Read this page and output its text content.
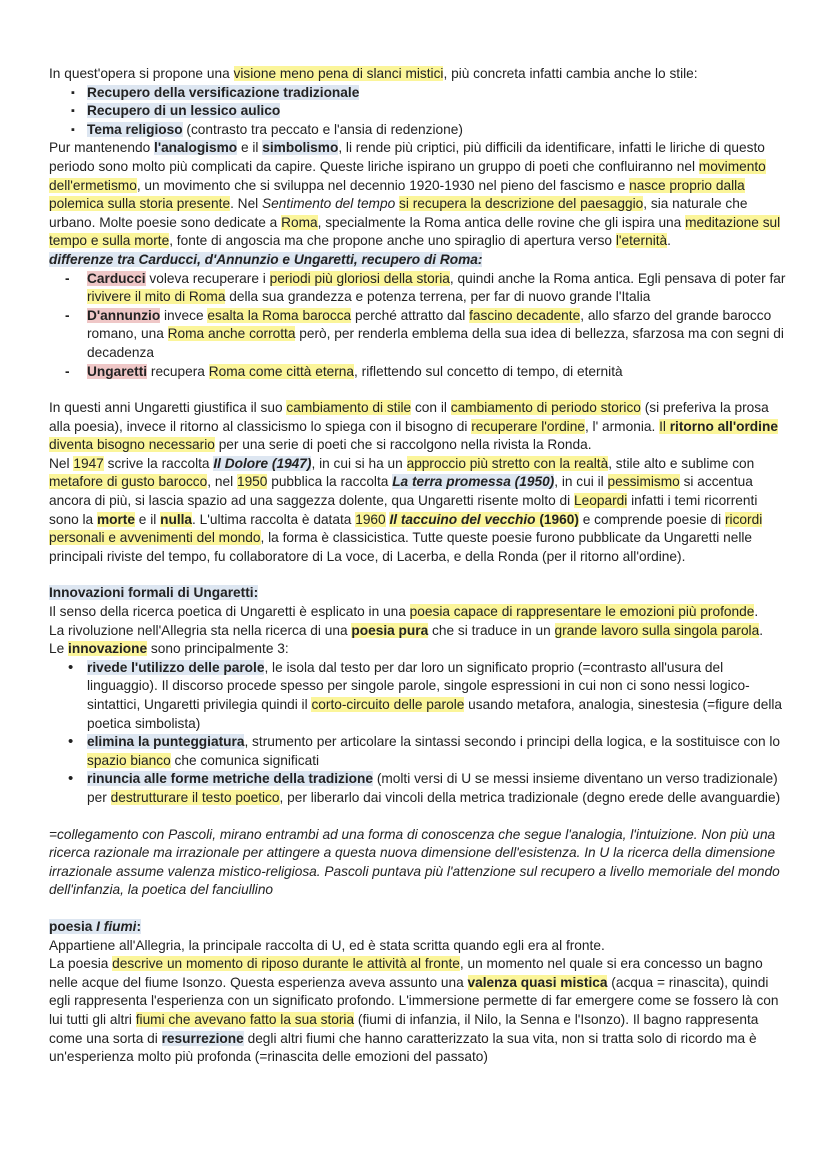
In quest'opera si propone una visione meno pena di slanci mistici, più concreta infatti cambia anche lo stile:

▪ Recupero della versificazione tradizionale
▪ Recupero di un lessico aulico
▪ Tema religioso (contrasto tra peccato e l'ansia di redenzione)

Pur mantenendo l'analogismo e il simbolismo, li rende più criptici, più difficili da identificare, infatti le liriche di questo periodo sono molto più complicati da capire. Queste liriche ispirano un gruppo di poeti che confluiranno nel movimento dell'ermetismo, un movimento che si sviluppa nel decennio 1920-1930 nel pieno del fascismo e nasce proprio dalla polemica sulla storia presente. Nel Sentimento del tempo si recupera la descrizione del paesaggio, sia naturale che urbano. Molte poesie sono dedicate a Roma, specialmente la Roma antica delle rovine che gli ispira una meditazione sul tempo e sulla morte, fonte di angoscia ma che propone anche uno spiraglio di apertura verso l'eternità.

differenze tra Carducci, d'Annunzio e Ungaretti, recupero di Roma:

- Carducci voleva recuperare i periodi più gloriosi della storia, quindi anche la Roma antica. Egli pensava di poter far rivivere il mito di Roma della sua grandezza e potenza terrena, per far di nuovo grande l'Italia
- D'annunzio invece esalta la Roma barocca perché attratto dal fascino decadente, allo sfarzo del grande barocco romano, una Roma anche corrotta però, per renderla emblema della sua idea di bellezza, sfarzosa ma con segni di decadenza
- Ungaretti recupera Roma come città eterna, riflettendo sul concetto di tempo, di eternità

In questi anni Ungaretti giustifica il suo cambiamento di stile con il cambiamento di periodo storico (si preferiva la prosa alla poesia), invece il ritorno al classicismo lo spiega con il bisogno di recuperare l'ordine, l' armonia. Il ritorno all'ordine diventa bisogno necessario per una serie di poeti che si raccolgono nella rivista la Ronda.

Nel 1947 scrive la raccolta Il Dolore (1947), in cui si ha un approccio più stretto con la realtà, stile alto e sublime con metafore di gusto barocco, nel 1950 pubblica la raccolta La terra promessa (1950), in cui il pessimismo si accentua ancora di più, si lascia spazio ad una saggezza dolente, qua Ungaretti risente molto di Leopardi infatti i temi ricorrenti sono la morte e il nulla. L'ultima raccolta è datata 1960 Il taccuino del vecchio (1960) e comprende poesie di ricordi personali e avvenimenti del mondo, la forma è classicistica. Tutte queste poesie furono pubblicate da Ungaretti nelle principali riviste del tempo, fu collaboratore di La voce, di Lacerba, e della Ronda (per il ritorno all'ordine).

Innovazioni formali di Ungaretti:

Il senso della ricerca poetica di Ungaretti è esplicato in una poesia capace di rappresentare le emozioni più profonde.

La rivoluzione nell'Allegria sta nella ricerca di una poesia pura che si traduce in un grande lavoro sulla singola parola.

Le innovazione sono principalmente 3:

• rivede l'utilizzo delle parole, le isola dal testo per dar loro un significato proprio (=contrasto all'usura del linguaggio). Il discorso procede spesso per singole parole, singole espressioni in cui non ci sono nessi logico-sintattici, Ungaretti privilegia quindi il corto-circuito delle parole usando metafora, analogia, sinestesia (=figure della poetica simbolista)
• elimina la punteggiatura, strumento per articolare la sintassi secondo i principi della logica, e la sostituisce con lo spazio bianco che comunica significati
• rinuncia alle forme metriche della tradizione (molti versi di U se messi insieme diventano un verso tradizionale) per destrutturare il testo poetico, per liberarlo dai vincoli della metrica tradizionale (degno erede delle avanguardie)

=collegamento con Pascoli, mirano entrambi ad una forma di conoscenza che segue l'analogia, l'intuizione. Non più una ricerca razionale ma irrazionale per attingere a questa nuova dimensione dell'esistenza. In U la ricerca della dimensione irrazionale assume valenza mistico-religiosa. Pascoli puntava più l'attenzione sul recupero a livello memoriale del mondo dell'infanzia, la poetica del fanciullino

poesia I fiumi:

Appartiene all'Allegria, la principale raccolta di U, ed è stata scritta quando egli era al fronte.

La poesia descrive un momento di riposo durante le attività al fronte, un momento nel quale si era concesso un bagno nelle acque del fiume Isonzo. Questa esperienza aveva assunto una valenza quasi mistica (acqua = rinascita), quindi egli rappresenta l'esperienza con un significato profondo. L'immersione permette di far emergere come se fossero là con lui tutti gli altri fiumi che avevano fatto la sua storia (fiumi di infanzia, il Nilo, la Senna e l'Isonzo). Il bagno rappresenta come una sorta di resurrezione degli altri fiumi che hanno caratterizzato la sua vita, non si tratta solo di ricordo ma è un'esperienza molto più profonda (=rinascita delle emozioni del passato)
